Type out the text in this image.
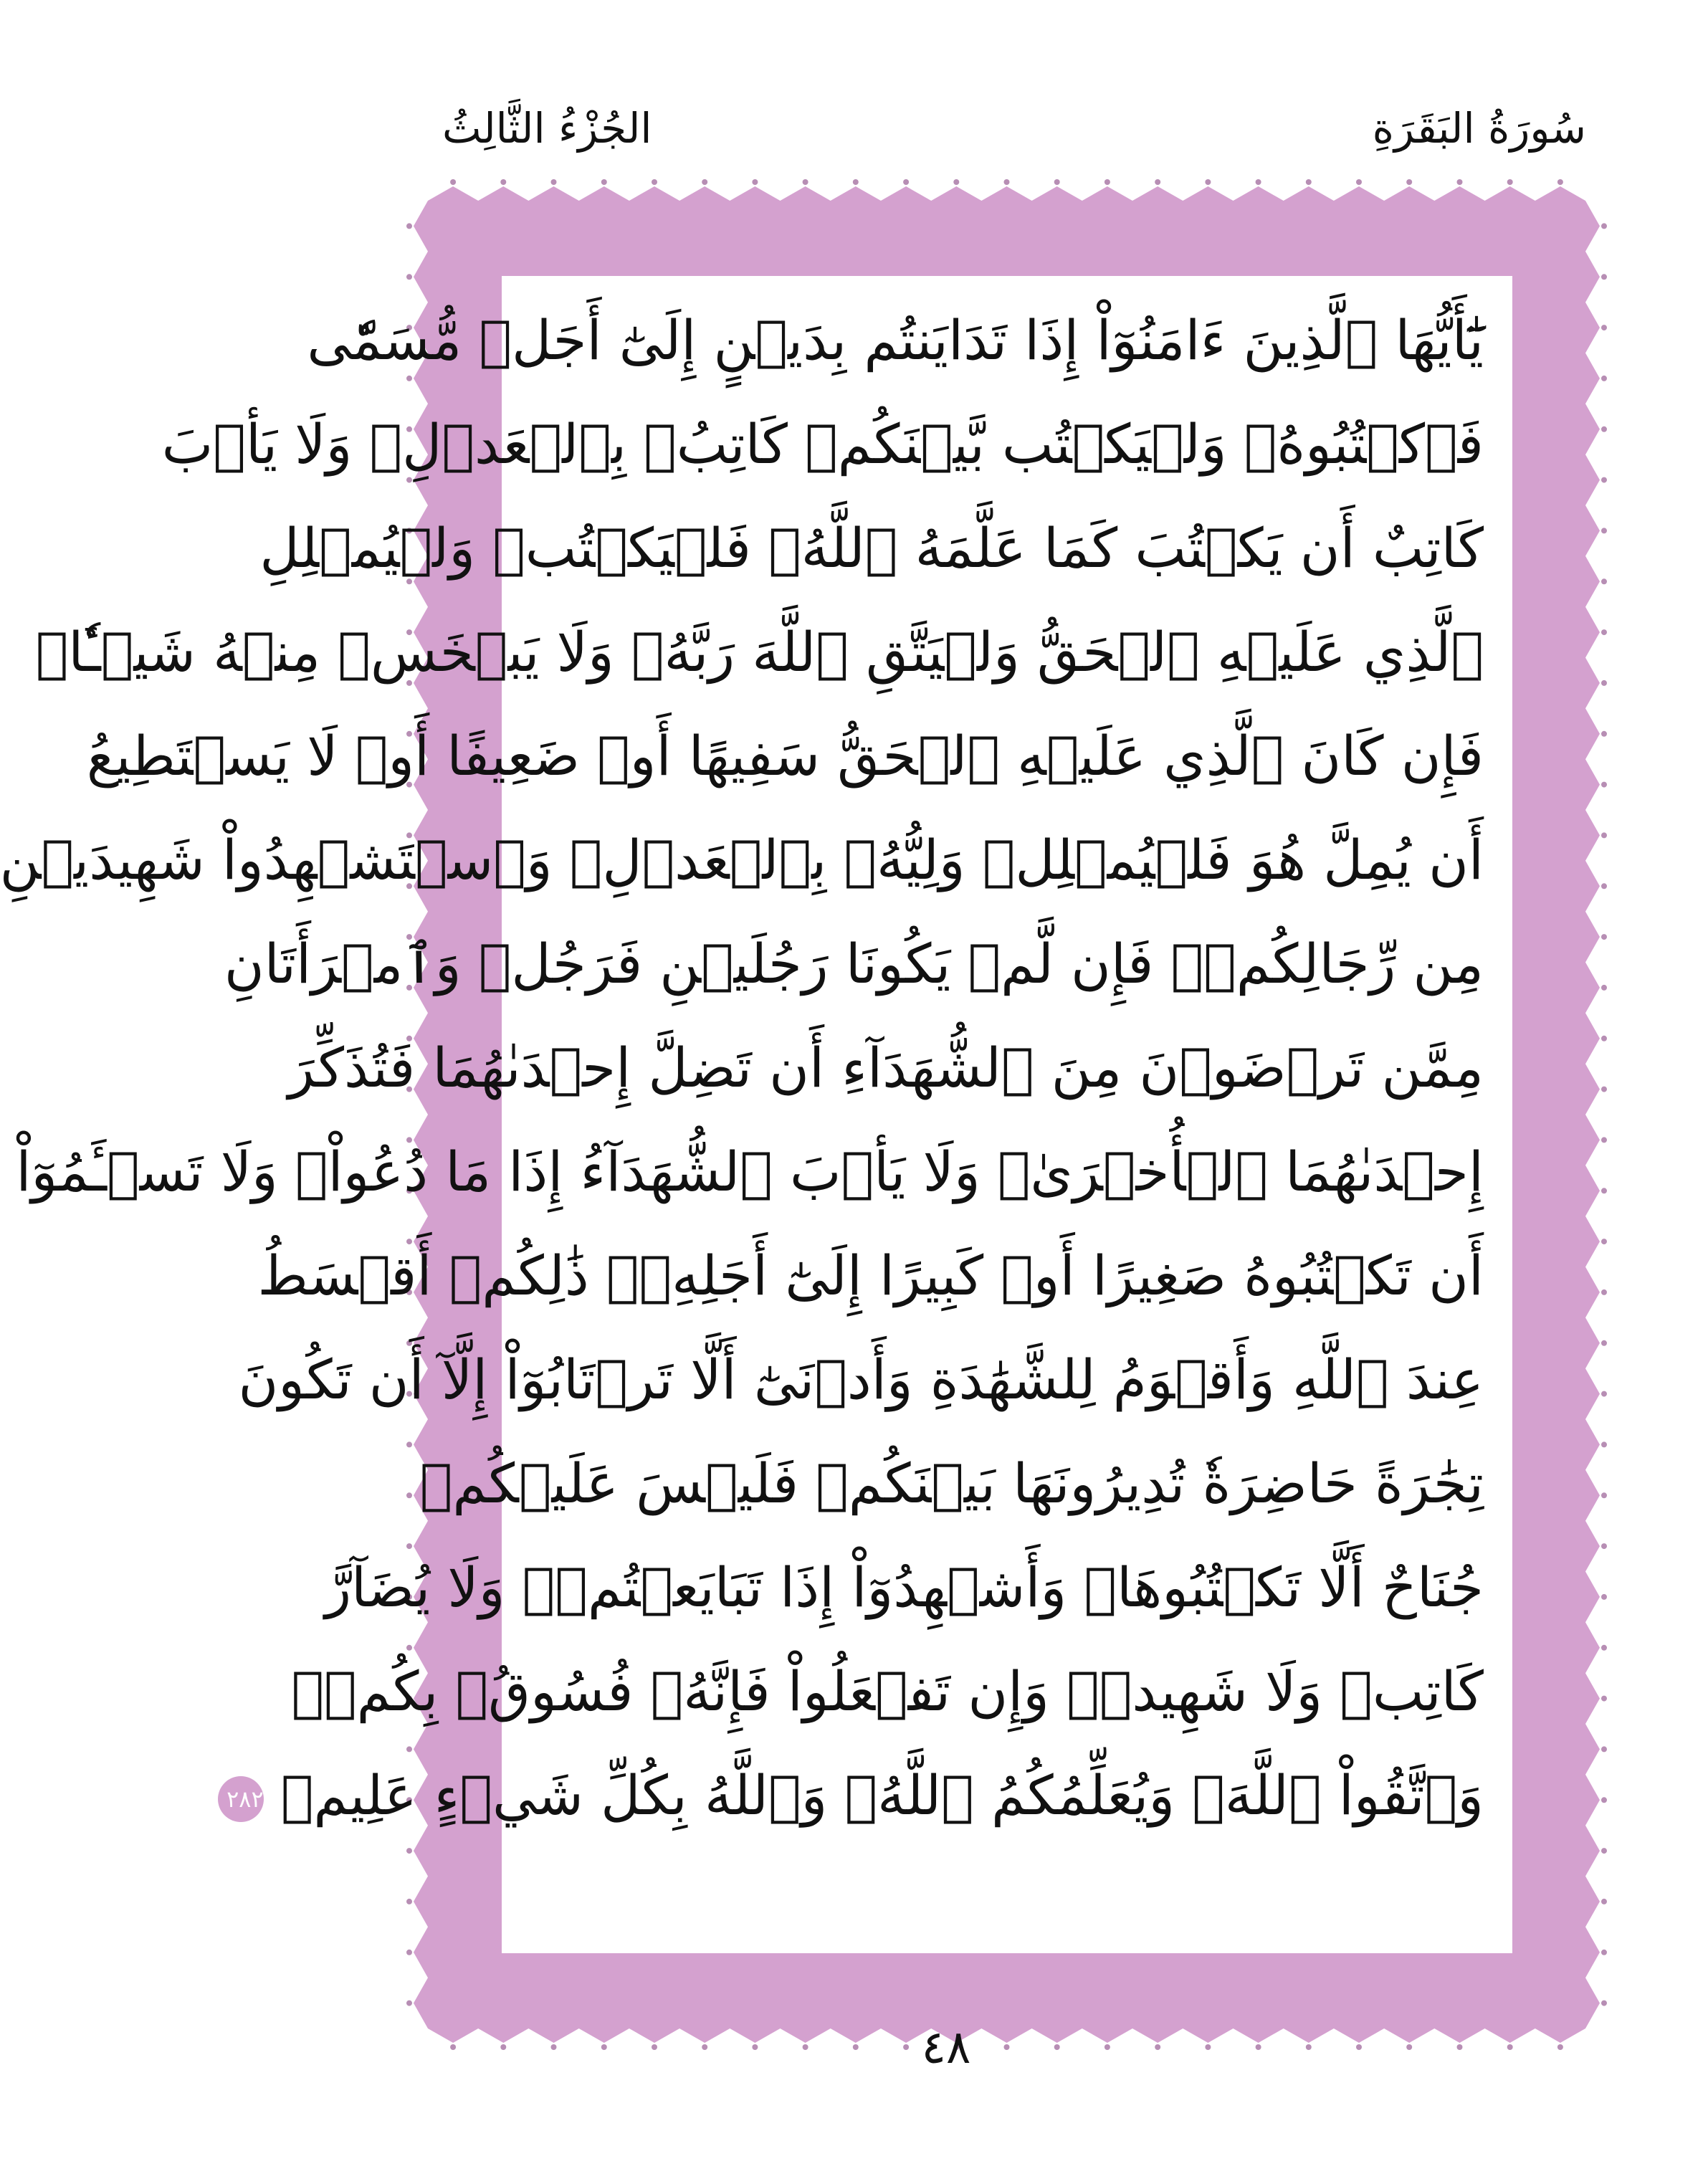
سُورَةُ البَقَرَةِ
الجُزْءُ الثَّالِثُ
يَٰٓأَيُّهَا ٱلَّذِينَ ءَامَنُوٓاْ إِذَا تَدَايَنتُم بِدَيۡنٍ إِلَىٰٓ أَجَلٖ مُّسَمّٗى
فَٱكۡتُبُوهُۚ وَلۡيَكۡتُب بَّيۡنَكُمۡ كَاتِبُۢ بِٱلۡعَدۡلِۚ وَلَا يَأۡبَ
كَاتِبٌ أَن يَكۡتُبَ كَمَا عَلَّمَهُ ٱللَّهُۚ فَلۡيَكۡتُبۡ وَلۡيُمۡلِلِ
ٱلَّذِي عَلَيۡهِ ٱلۡحَقُّ وَلۡيَتَّقِ ٱللَّهَ رَبَّهُۥ وَلَا يَبۡخَسۡ مِنۡهُ شَيۡـٔٗاۚ
فَإِن كَانَ ٱلَّذِي عَلَيۡهِ ٱلۡحَقُّ سَفِيهًا أَوۡ ضَعِيفًا أَوۡ لَا يَسۡتَطِيعُ
أَن يُمِلَّ هُوَ فَلۡيُمۡلِلۡ وَلِيُّهُۥ بِٱلۡعَدۡلِۚ وَٱسۡتَشۡهِدُواْ شَهِيدَيۡنِ
مِن رِّجَالِكُمۡۖ فَإِن لَّمۡ يَكُونَا رَجُلَيۡنِ فَرَجُلٞ وَٱمۡرَأَتَانِ
مِمَّن تَرۡضَوۡنَ مِنَ ٱلشُّهَدَآءِ أَن تَضِلَّ إِحۡدَىٰهُمَا فَتُذَكِّرَ
إِحۡدَىٰهُمَا ٱلۡأُخۡرَىٰۚ وَلَا يَأۡبَ ٱلشُّهَدَآءُ إِذَا مَا دُعُواْۚ وَلَا تَسۡـَٔمُوٓاْ
أَن تَكۡتُبُوهُ صَغِيرًا أَوۡ كَبِيرًا إِلَىٰٓ أَجَلِهِۦۚ ذَٰلِكُمۡ أَقۡسَطُ
عِندَ ٱللَّهِ وَأَقۡوَمُ لِلشَّهَٰدَةِ وَأَدۡنَىٰٓ أَلَّا تَرۡتَابُوٓاْ إِلَّآ أَن تَكُونَ
تِجَٰرَةً حَاضِرَةٗ تُدِيرُونَهَا بَيۡنَكُمۡ فَلَيۡسَ عَلَيۡكُمۡ
جُنَاحٌ أَلَّا تَكۡتُبُوهَاۗ وَأَشۡهِدُوٓاْ إِذَا تَبَايَعۡتُمۡۚ وَلَا يُضَآرَّ
كَاتِبٞ وَلَا شَهِيدٞۚ وَإِن تَفۡعَلُواْ فَإِنَّهُۥ فُسُوقُۢ بِكُمۡۗ
وَٱتَّقُواْ ٱللَّهَۖ وَيُعَلِّمُكُمُ ٱللَّهُۗ وَٱللَّهُ بِكُلِّ شَيۡءٍ عَلِيمٞ ٢٨٢
٤٨
